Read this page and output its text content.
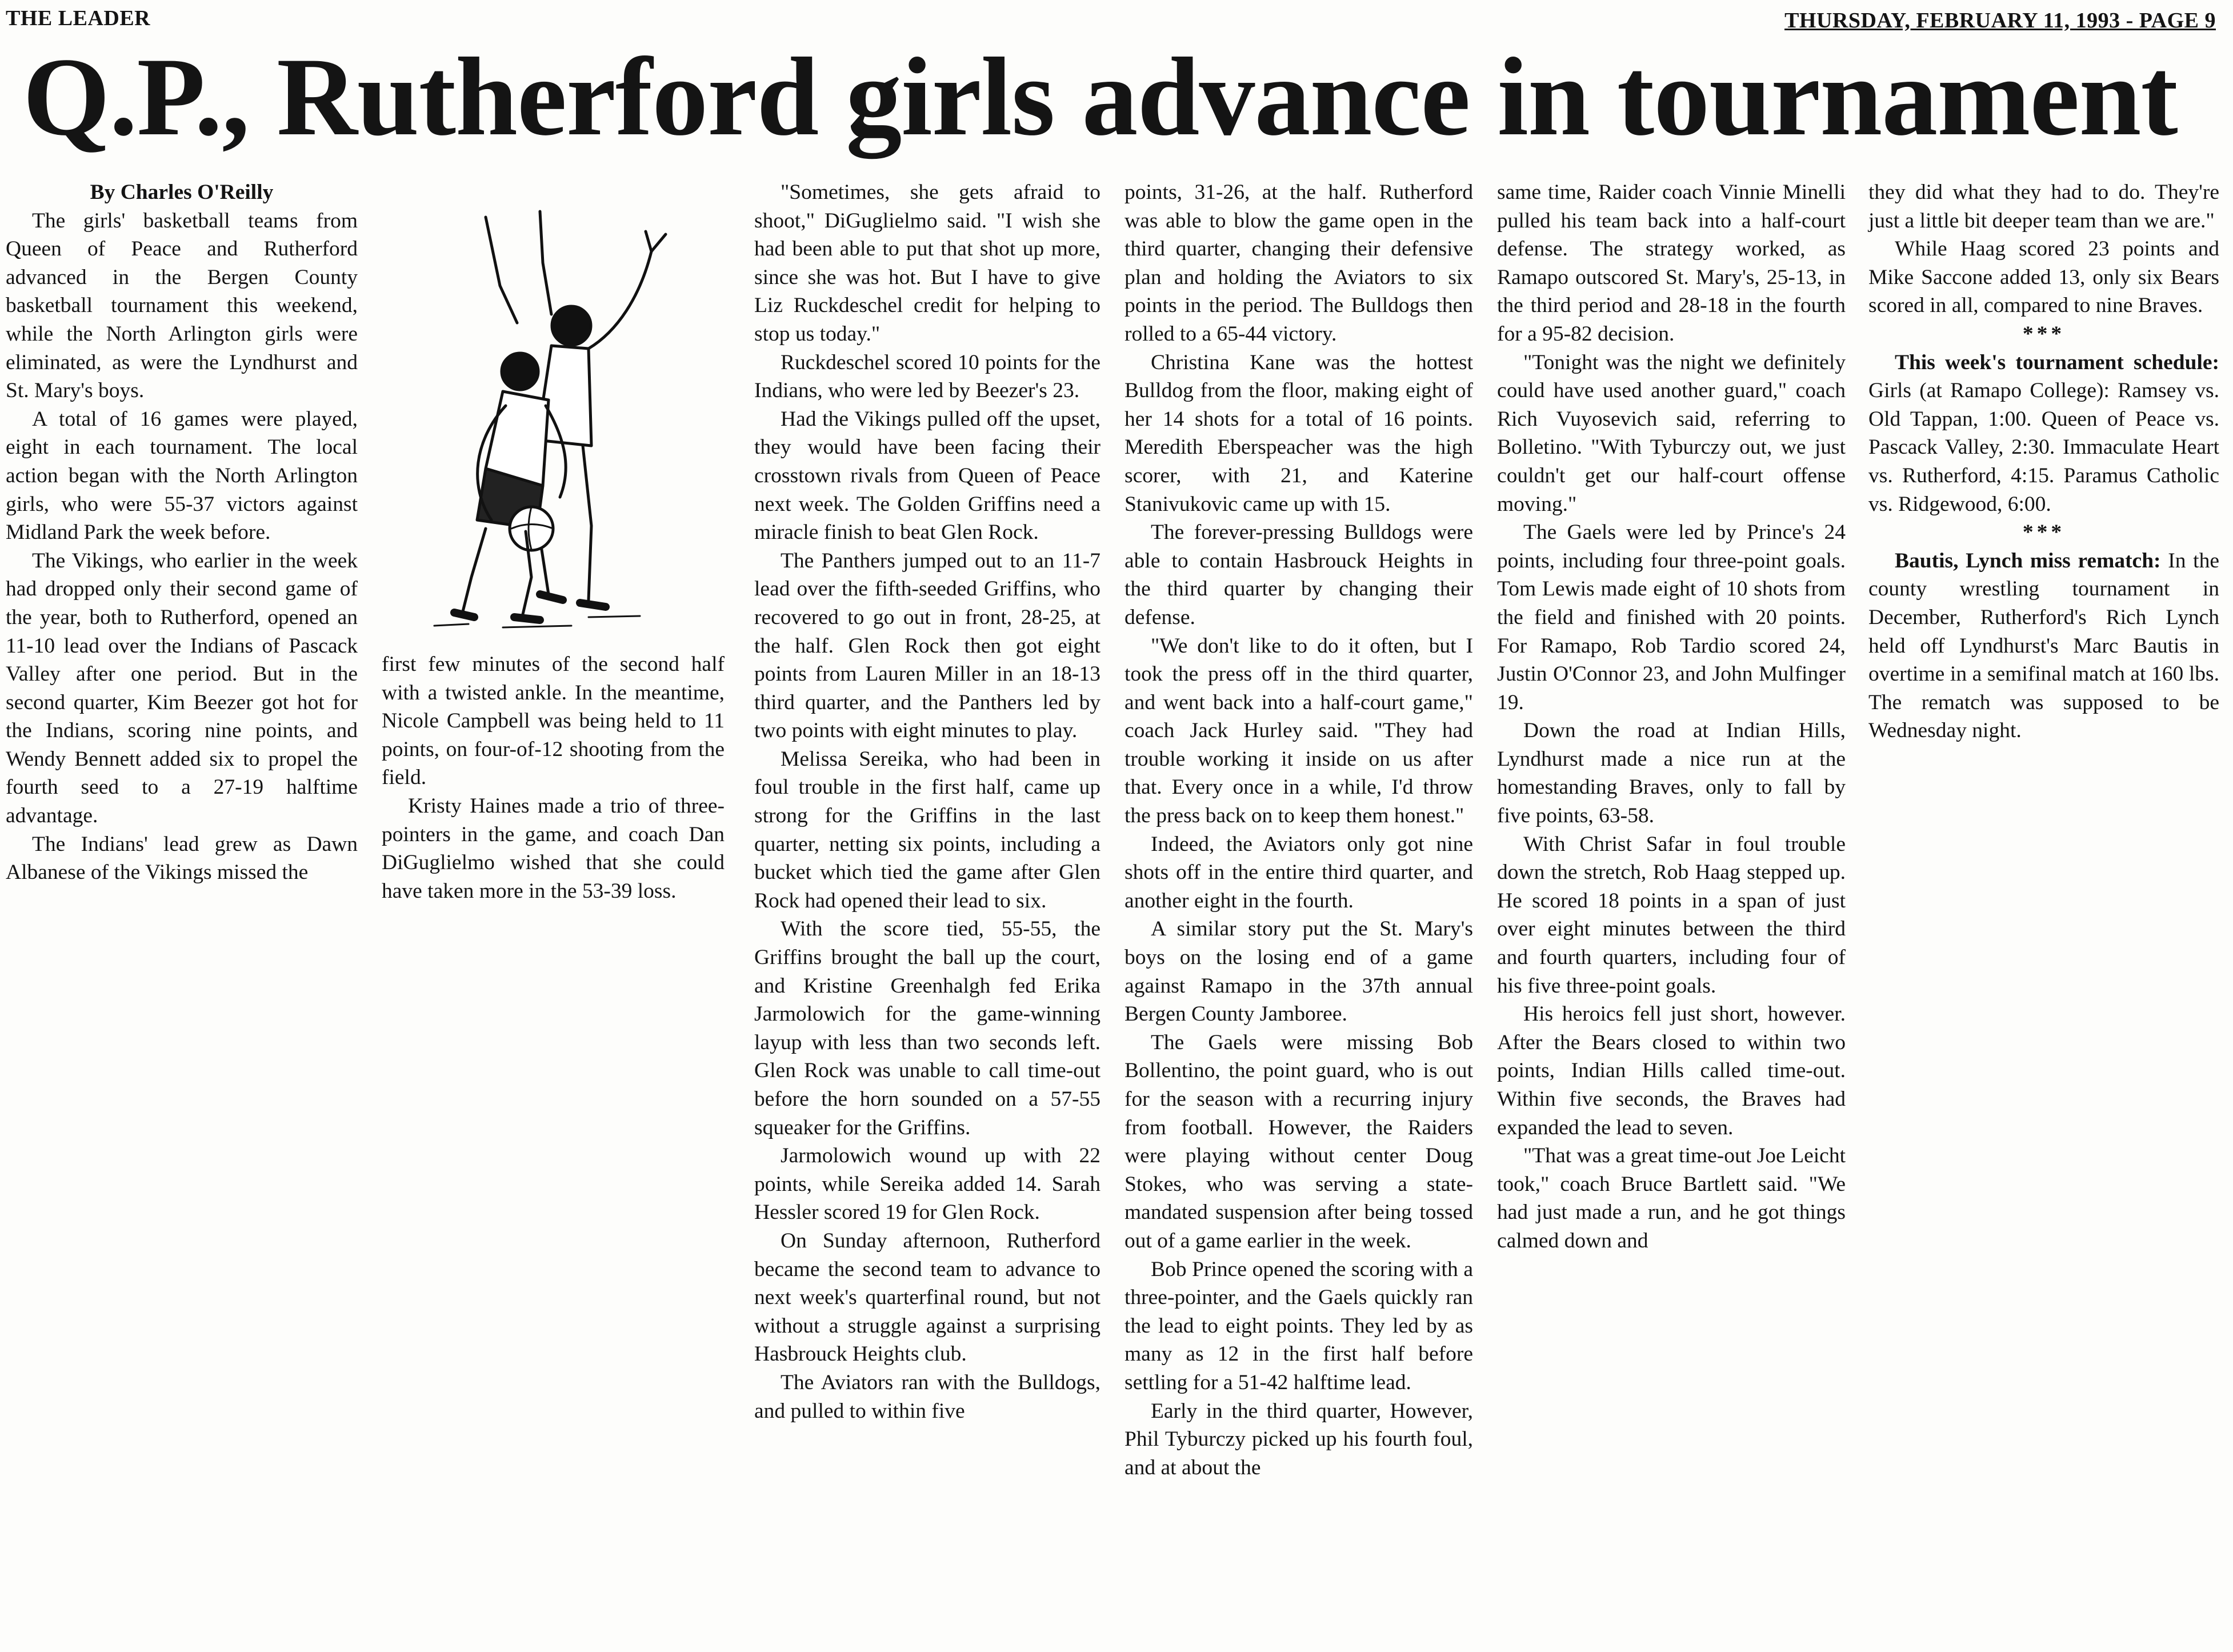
THE LEADER	THURSDAY, FEBRUARY 11, 1993 - PAGE 9
Q.P., Rutherford girls advance in tournament

By Charles O'Reilly

The girls' basketball teams from Queen of Peace and Rutherford advanced in the Bergen County basketball tournament this weekend, while the North Arlington girls were eliminated, as were the Lyndhurst and St. Mary's boys.

A total of 16 games were played, eight in each tournament. The local action began with the North Arlington girls, who were 55-37 victors against Midland Park the week before.

The Vikings, who earlier in the week had dropped only their second game of the year, both to Rutherford, opened an 11-10 lead over the Indians of Pascack Valley after one period. But in the second quarter, Kim Beezer got hot for the Indians, scoring nine points, and Wendy Bennett added six to propel the fourth seed to a 27-19 halftime advantage.

The Indians' lead grew as Dawn Albanese of the Vikings missed the

first few minutes of the second half with a twisted ankle. In the meantime, Nicole Campbell was being held to 11 points, on four-of-12 shooting from the field.

Kristy Haines made a trio of three-pointers in the game, and coach Dan DiGuglielmo wished that she could have taken more in the 53-39 loss.

"Sometimes, she gets afraid to shoot," DiGuglielmo said. "I wish she had been able to put that shot up more, since she was hot. But I have to give Liz Ruckdeschel credit for helping to stop us today."

Ruckdeschel scored 10 points for the Indians, who were led by Beezer's 23.

Had the Vikings pulled off the upset, they would have been facing their crosstown rivals from Queen of Peace next week. The Golden Griffins need a miracle finish to beat Glen Rock.

The Panthers jumped out to an 11-7 lead over the fifth-seeded Griffins, who recovered to go out in front, 28-25, at the half. Glen Rock then got eight points from Lauren Miller in an 18-13 third quarter, and the Panthers led by two points with eight minutes to play.

Melissa Sereika, who had been in foul trouble in the first half, came up strong for the Griffins in the last quarter, netting six points, including a bucket which tied the game after Glen Rock had opened their lead to six.

With the score tied, 55-55, the Griffins brought the ball up the court, and Kristine Greenhalgh fed Erika Jarmolowich for the game-winning layup with less than two seconds left. Glen Rock was unable to call time-out before the horn sounded on a 57-55 squeaker for the Griffins.

Jarmolowich wound up with 22 points, while Sereika added 14. Sarah Hessler scored 19 for Glen Rock.

On Sunday afternoon, Rutherford became the second team to advance to next week's quarterfinal round, but not without a struggle against a surprising Hasbrouck Heights club.

The Aviators ran with the Bulldogs, and pulled to within five

points, 31-26, at the half. Rutherford was able to blow the game open in the third quarter, changing their defensive plan and holding the Aviators to six points in the period. The Bulldogs then rolled to a 65-44 victory.

Christina Kane was the hottest Bulldog from the floor, making eight of her 14 shots for a total of 16 points. Meredith Eberspeacher was the high scorer, with 21, and Katerine Stanivukovic came up with 15.

The forever-pressing Bulldogs were able to contain Hasbrouck Heights in the third quarter by changing their defense.

"We don't like to do it often, but I took the press off in the third quarter, and went back into a half-court game," coach Jack Hurley said. "They had trouble working it inside on us after that. Every once in a while, I'd throw the press back on to keep them honest."

Indeed, the Aviators only got nine shots off in the entire third quarter, and another eight in the fourth.

A similar story put the St. Mary's boys on the losing end of a game against Ramapo in the 37th annual Bergen County Jamboree.

The Gaels were missing Bob Bollentino, the point guard, who is out for the season with a recurring injury from football. However, the Raiders were playing without center Doug Stokes, who was serving a state-mandated suspension after being tossed out of a game earlier in the week.

Bob Prince opened the scoring with a three-pointer, and the Gaels quickly ran the lead to eight points. They led by as many as 12 in the first half before settling for a 51-42 halftime lead.

Early in the third quarter, However, Phil Tyburczy picked up his fourth foul, and at about the

same time, Raider coach Vinnie Minelli pulled his team back into a half-court defense. The strategy worked, as Ramapo outscored St. Mary's, 25-13, in the third period and 28-18 in the fourth for a 95-82 decision.

"Tonight was the night we definitely could have used another guard," coach Rich Vuyosevich said, referring to Bolletino. "With Tyburczy out, we just couldn't get our half-court offense moving."

The Gaels were led by Prince's 24 points, including four three-point goals. Tom Lewis made eight of 10 shots from the field and finished with 20 points. For Ramapo, Rob Tardio scored 24, Justin O'Connor 23, and John Mulfinger 19.

Down the road at Indian Hills, Lyndhurst made a nice run at the homestanding Braves, only to fall by five points, 63-58.

With Christ Safar in foul trouble down the stretch, Rob Haag stepped up. He scored 18 points in a span of just over eight minutes between the third and fourth quarters, including four of his five three-point goals.

His heroics fell just short, however. After the Bears closed to within two points, Indian Hills called time-out. Within five seconds, the Braves had expanded the lead to seven.

"That was a great time-out Joe Leicht took," coach Bruce Bartlett said. "We had just made a run, and he got things calmed down and

they did what they had to do. They're just a little bit deeper team than we are."

While Haag scored 23 points and Mike Saccone added 13, only six Bears scored in all, compared to nine Braves.

***

This week's tournament schedule: Girls (at Ramapo College): Ramsey vs. Old Tappan, 1:00. Queen of Peace vs. Pascack Valley, 2:30. Immaculate Heart vs. Rutherford, 4:15. Paramus Catholic vs. Ridgewood, 6:00.

***

Bautis, Lynch miss rematch: In the county wrestling tournament in December, Rutherford's Rich Lynch held off Lyndhurst's Marc Bautis in overtime in a semifinal match at 160 lbs. The rematch was supposed to be Wednesday night.
